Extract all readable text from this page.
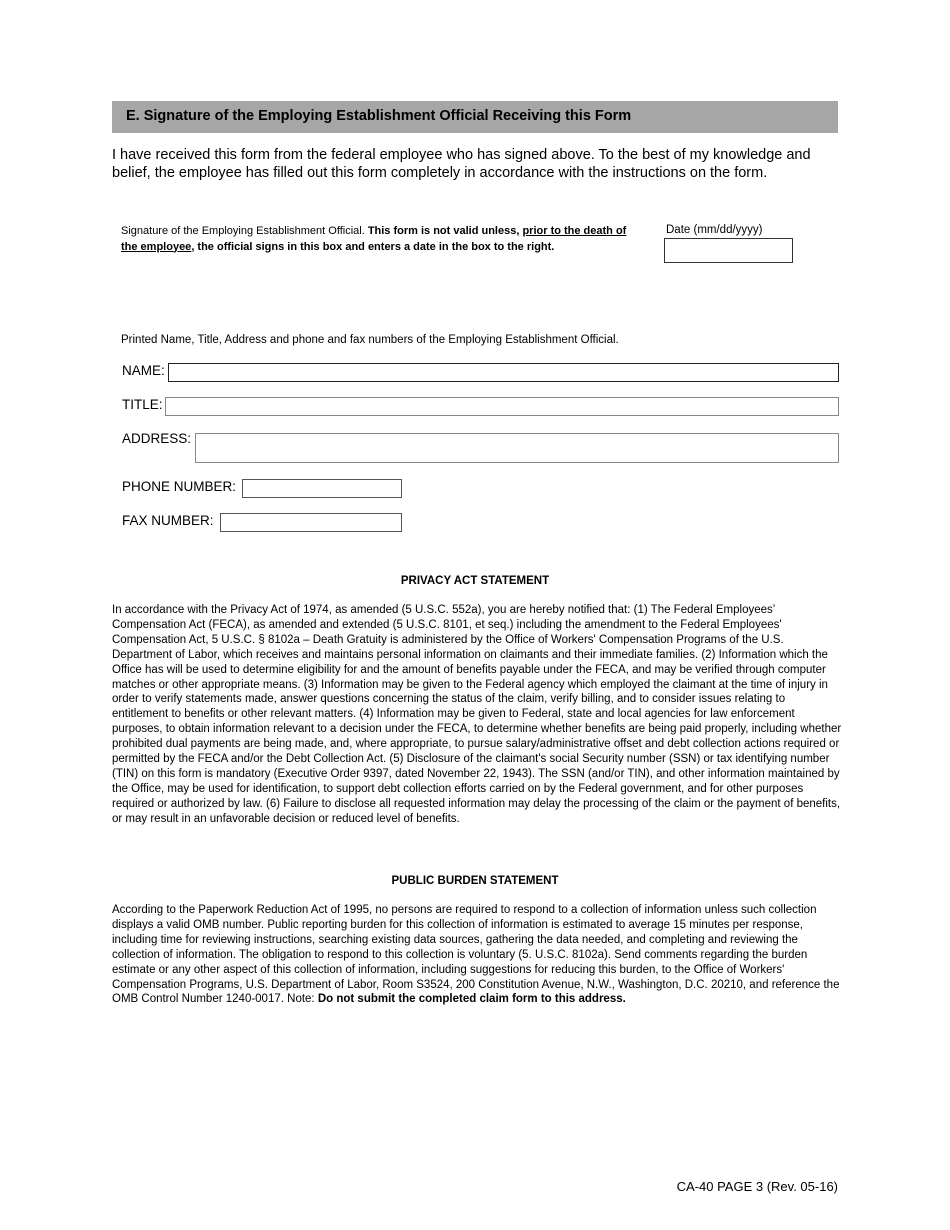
E. Signature of the Employing Establishment Official Receiving this Form
I have received this form from the federal employee who has signed above. To the best of my knowledge and belief, the employee has filled out this form completely in accordance with the instructions on the form.
Signature of the Employing Establishment Official. This form is not valid unless, prior to the death of the employee, the official signs in this box and enters a date in the box to the right.
Date (mm/dd/yyyy)
Printed Name, Title, Address and phone and fax numbers of the Employing Establishment Official.
NAME:
TITLE:
ADDRESS:
PHONE NUMBER:
FAX NUMBER:
PRIVACY ACT STATEMENT
In accordance with the Privacy Act of 1974, as amended (5 U.S.C. 552a), you are hereby notified that: (1) The Federal Employees’ Compensation Act (FECA), as amended and extended (5 U.S.C. 8101, et seq.) including the amendment to the Federal Employees' Compensation Act, 5 U.S.C. § 8102a – Death Gratuity is administered by the Office of Workers' Compensation Programs of the U.S. Department of Labor, which receives and maintains personal information on claimants and their immediate families. (2) Information which the Office has will be used to determine eligibility for and the amount of benefits payable under the FECA, and may be verified through computer matches or other appropriate means. (3) Information may be given to the Federal agency which employed the claimant at the time of injury in order to verify statements made, answer questions concerning the status of the claim, verify billing, and to consider issues relating to entitlement to benefits or other relevant matters. (4) Information may be given to Federal, state and local agencies for law enforcement purposes, to obtain information relevant to a decision under the FECA, to determine whether benefits are being paid properly, including whether prohibited dual payments are being made, and, where appropriate, to pursue salary/administrative offset and debt collection actions required or permitted by the FECA and/or the Debt Collection Act. (5) Disclosure of the claimant's social Security number (SSN) or tax identifying number (TIN) on this form is mandatory (Executive Order 9397, dated November 22, 1943). The SSN (and/or TIN), and other information maintained by the Office, may be used for identification, to support debt collection efforts carried on by the Federal government, and for other purposes required or authorized by law. (6) Failure to disclose all requested information may delay the processing of the claim or the payment of benefits, or may result in an unfavorable decision or reduced level of benefits.
PUBLIC BURDEN STATEMENT
According to the Paperwork Reduction Act of 1995, no persons are required to respond to a collection of information unless such collection displays a valid OMB number. Public reporting burden for this collection of information is estimated to average 15 minutes per response, including time for reviewing instructions, searching existing data sources, gathering the data needed, and completing and reviewing the collection of information. The obligation to respond to this collection is voluntary (5. U.S.C. 8102a). Send comments regarding the burden estimate or any other aspect of this collection of information, including suggestions for reducing this burden, to the Office of Workers' Compensation Programs, U.S. Department of Labor, Room S3524, 200 Constitution Avenue, N.W., Washington, D.C. 20210, and reference the OMB Control Number 1240-0017. Note: Do not submit the completed claim form to this address.
CA-40 PAGE 3 (Rev. 05-16)
